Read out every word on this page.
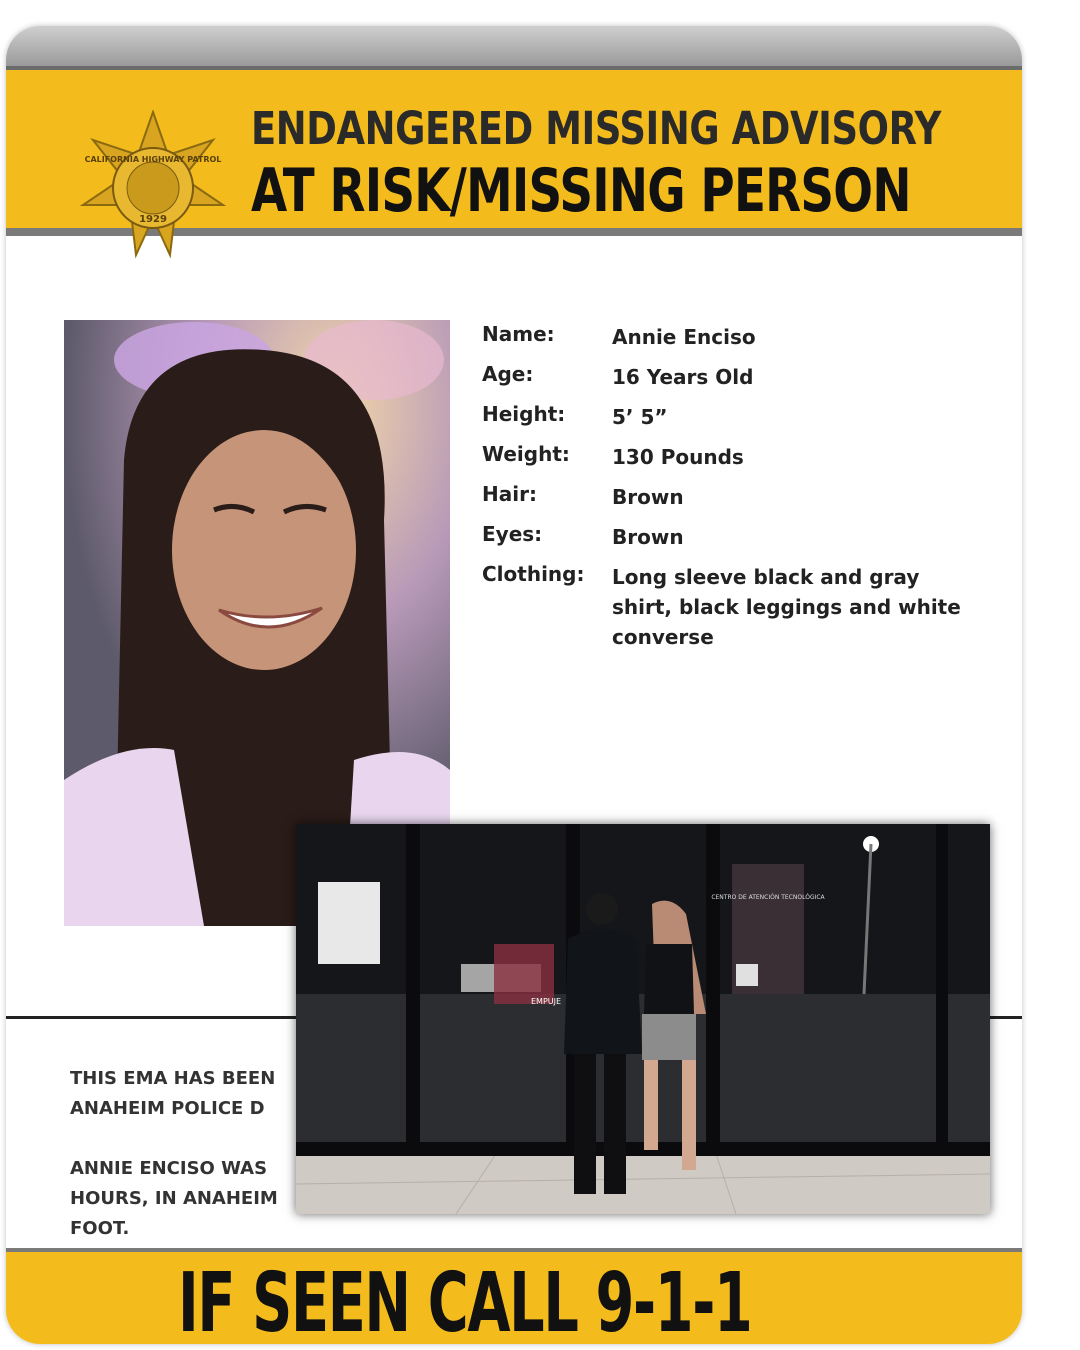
CALIFORNIA HIGHWAY PATROL
1929
ENDANGERED MISSING ADVISORY
AT RISK/MISSING PERSON
Name:	Annie Enciso
Age:	16 Years Old
Height:	5’ 5”
Weight:	130 Pounds
Hair:	Brown
Eyes:	Brown
Clothing:	Long sleeve black and gray shirt, black leggings and white converse
THIS EMA HAS BEEN
ANAHEIM POLICE D
ANNIE ENCISO WAS
HOURS, IN ANAHEIM
FOOT.
IF SEEN CALL 9-1-1
CENTRO DE ATENCIÓN TECNOLÓGICA
EMPUJE
